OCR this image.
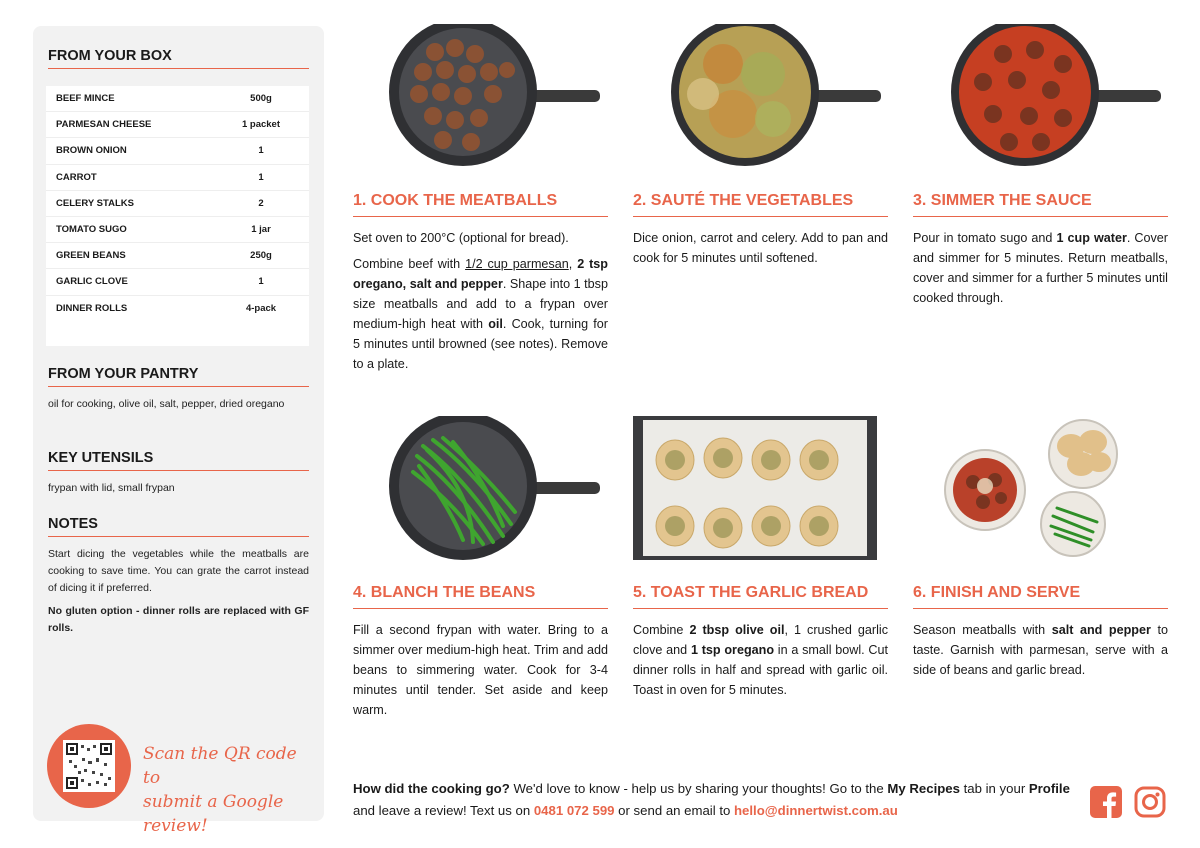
FROM YOUR BOX
BEEF MINCE	500g
PARMESAN CHEESE	1 packet
BROWN ONION	1
CARROT	1
CELERY STALKS	2
TOMATO SUGO	1 jar
GREEN BEANS	250g
GARLIC CLOVE	1
DINNER ROLLS	4-pack
FROM YOUR PANTRY
oil for cooking, olive oil, salt, pepper, dried oregano
KEY UTENSILS
frypan with lid, small frypan
NOTES
Start dicing the vegetables while the meatballs are cooking to save time. You can grate the carrot instead of dicing it if preferred.
No gluten option - dinner rolls are replaced with GF rolls.
Scan the QR code to
submit a Google review!
1. COOK THE MEATBALLS

Set oven to 200°C (optional for bread).

Combine beef with 1/2 cup parmesan, 2 tsp oregano, salt and pepper. Shape into 1 tbsp size meatballs and add to a frypan over medium-high heat with oil. Cook, turning for 5 minutes until browned (see notes). Remove to a plate.

2. SAUTÉ THE VEGETABLES

Dice onion, carrot and celery. Add to pan and cook for 5 minutes until softened.

3. SIMMER THE SAUCE

Pour in tomato sugo and 1 cup water. Cover and simmer for 5 minutes. Return meatballs, cover and simmer for a further 5 minutes until cooked through.

4. BLANCH THE BEANS

Fill a second frypan with water. Bring to a simmer over medium-high heat. Trim and add beans to simmering water. Cook for 3-4 minutes until tender. Set aside and keep warm.

5. TOAST THE GARLIC BREAD

Combine 2 tbsp olive oil, 1 crushed garlic clove and 1 tsp oregano in a small bowl. Cut dinner rolls in half and spread with garlic oil. Toast in oven for 5 minutes.

6. FINISH AND SERVE

Season meatballs with salt and pepper to taste. Garnish with parmesan, serve with a side of beans and garlic bread.

How did the cooking go? We'd love to know - help us by sharing your thoughts! Go to the My Recipes tab in your Profile and leave a review! Text us on 0481 072 599 or send an email to hello@dinnertwist.com.au
